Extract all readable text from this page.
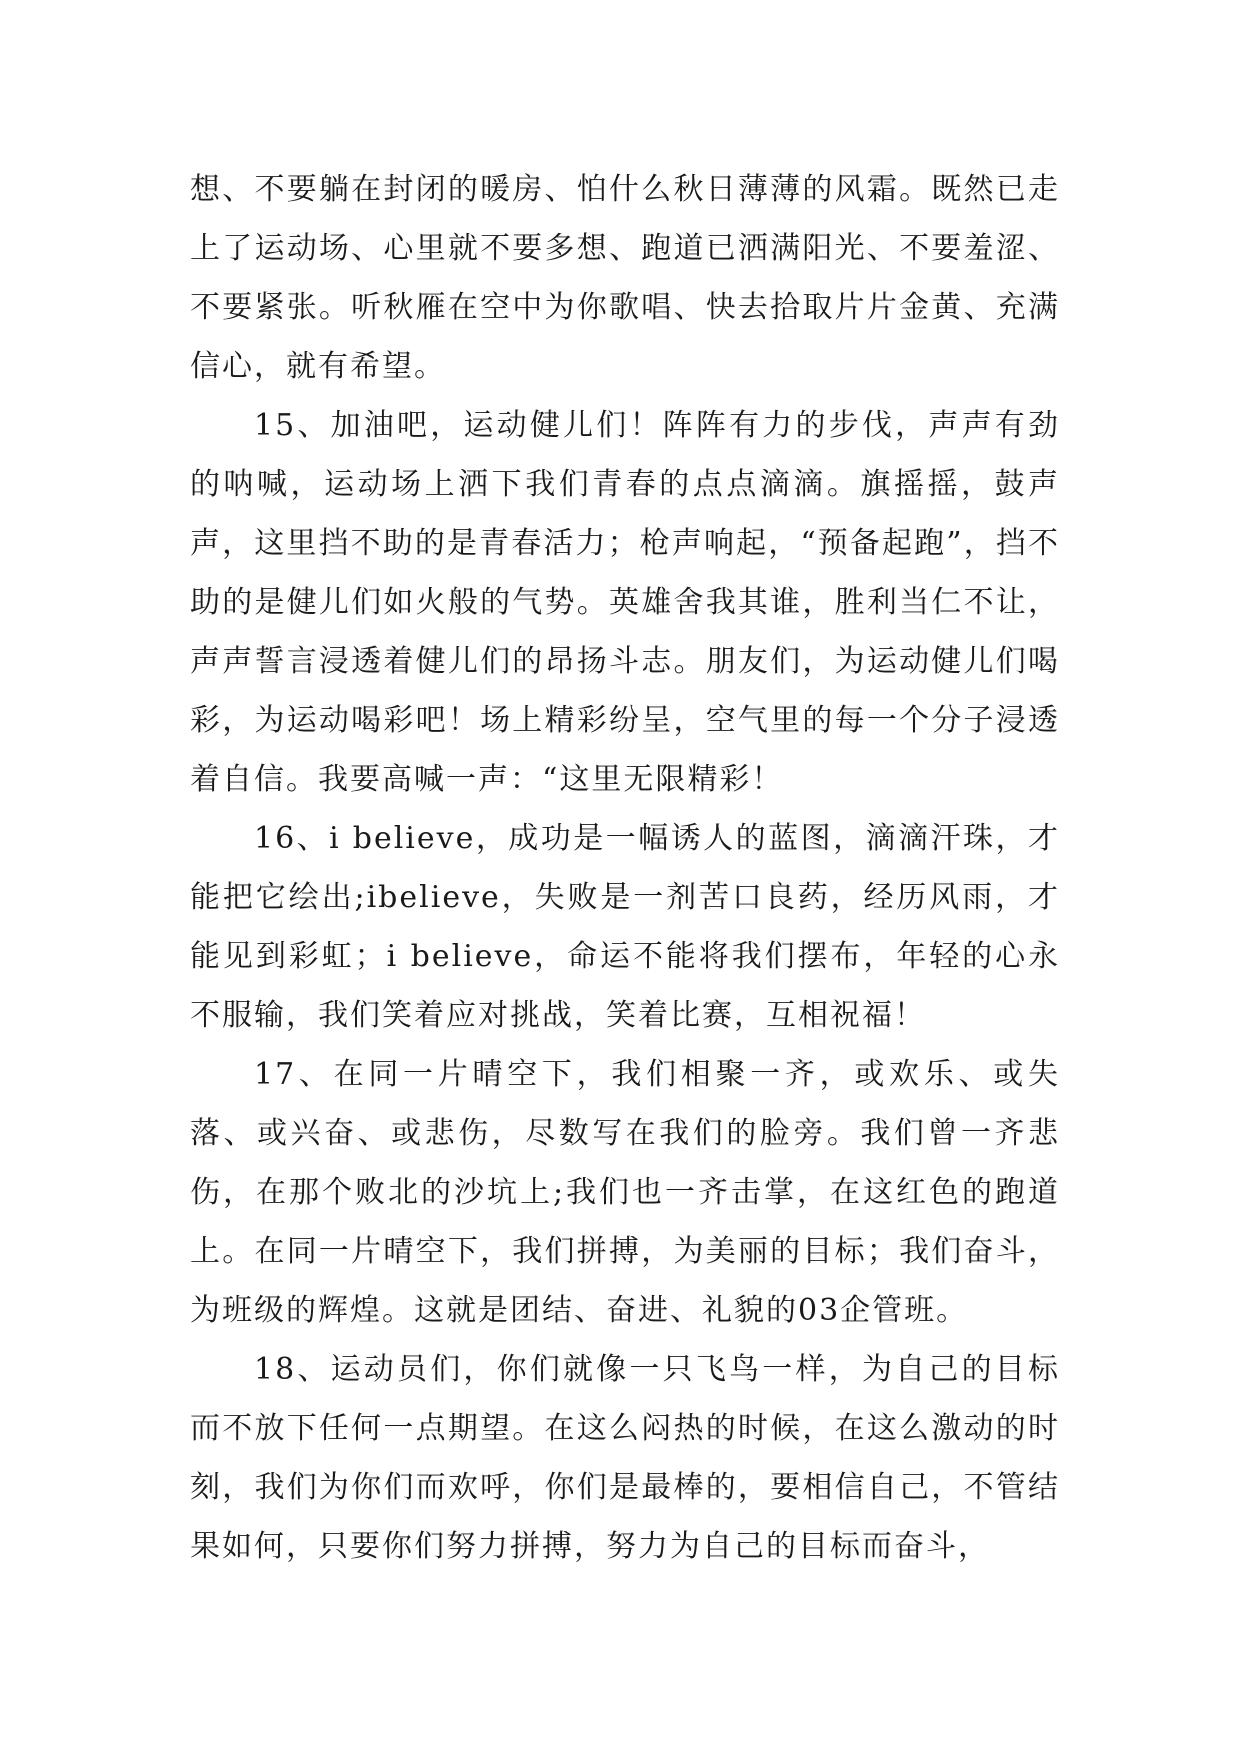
想、不要躺在封闭的暖房、怕什么秋日薄薄的风霜。既然已走上了运动场、心里就不要多想、跑道已洒满阳光、不要羞涩、不要紧张。听秋雁在空中为你歌唱、快去拾取片片金黄、充满信心，就有希望。

15、加油吧，运动健儿们！阵阵有力的步伐，声声有劲的呐喊，运动场上洒下我们青春的点点滴滴。旗摇摇，鼓声声，这里挡不助的是青春活力；枪声响起，“预备起跑”，挡不助的是健儿们如火般的气势。英雄舍我其谁，胜利当仁不让，声声誓言浸透着健儿们的昂扬斗志。朋友们，为运动健儿们喝彩，为运动喝彩吧！场上精彩纷呈，空气里的每一个分子浸透着自信。我要高喊一声：“这里无限精彩！

16、i believe，成功是一幅诱人的蓝图，滴滴汗珠，才能把它绘出;ibelieve，失败是一剂苦口良药，经历风雨，才能见到彩虹；i believe，命运不能将我们摆布，年轻的心永不服输，我们笑着应对挑战，笑着比赛，互相祝福！

17、在同一片晴空下，我们相聚一齐，或欢乐、或失落、或兴奋、或悲伤，尽数写在我们的脸旁。我们曾一齐悲伤，在那个败北的沙坑上;我们也一齐击掌，在这红色的跑道上。在同一片晴空下，我们拼搏，为美丽的目标；我们奋斗，为班级的辉煌。这就是团结、奋进、礼貌的03企管班。

18、运动员们，你们就像一只飞鸟一样，为自己的目标而不放下任何一点期望。在这么闷热的时候，在这么激动的时刻，我们为你们而欢呼，你们是最棒的，要相信自己，不管结果如何，只要你们努力拼搏，努力为自己的目标而奋斗，
